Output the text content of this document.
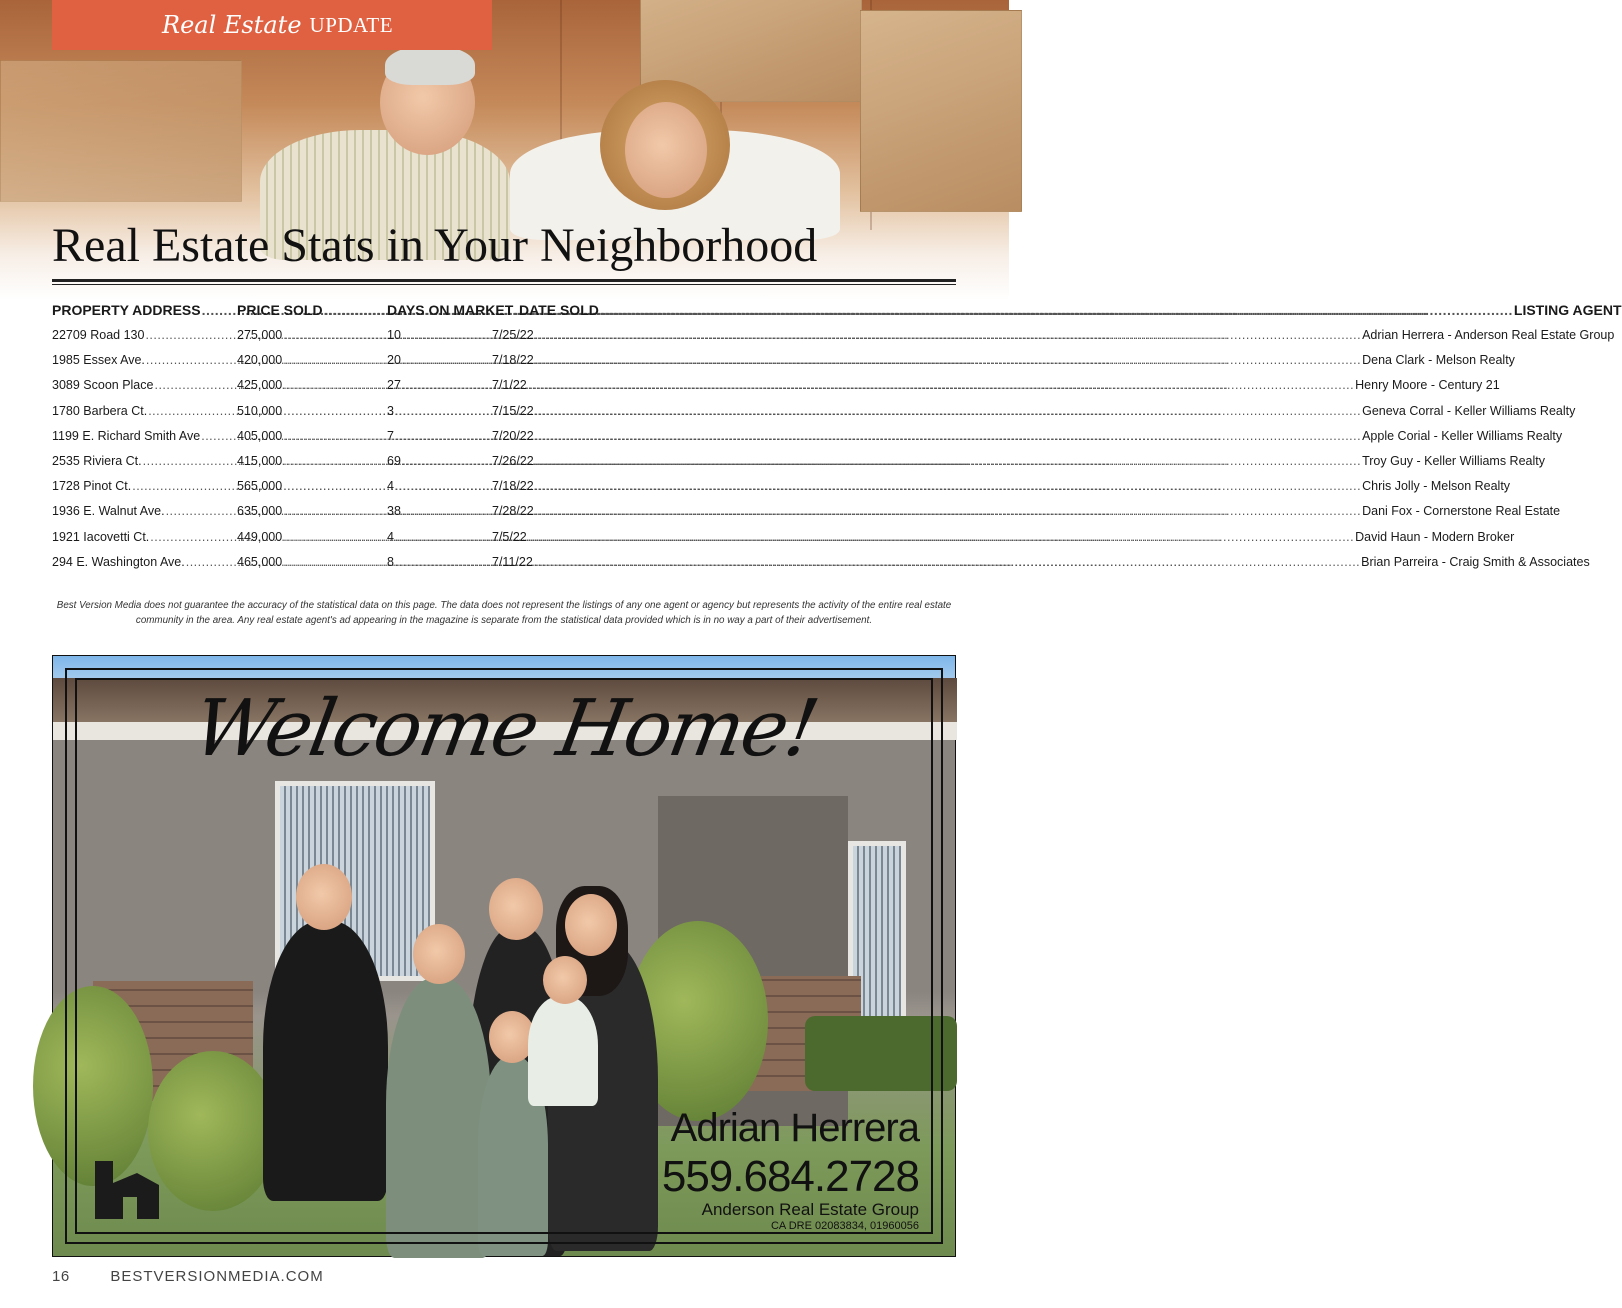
Real Estate UPDATE
Real Estate Stats in Your Neighborhood
PROPERTY ADDRESS .....	PRICE SOLD .....	DAYS ON MARKET ..... DATE SOLD .....	LISTING AGENT
22709 Road 130 .....	275,000 .....	10 .....	7/25/22 .....	Adrian Herrera - Anderson Real Estate Group
1985 Essex Ave. .....	420,000 .....	20 .....	7/18/22 .....	Dena Clark - Melson Realty
3089 Scoon Place .....	425,000 .....	27 .....	7/1/22 .....	Henry Moore - Century 21
1780 Barbera Ct. .....	510,000 .....	3 .....	7/15/22 .....	Geneva Corral - Keller Williams Realty
1199 E. Richard Smith Ave .....	405,000 .....	7 .....	7/20/22 .....	Apple Corial - Keller Williams Realty
2535 Riviera Ct. .....	415,000 .....	69 .....	7/26/22 .....	Troy Guy - Keller Williams Realty
1728 Pinot Ct. .....	565,000 .....	4 .....	7/18/22 .....	Chris Jolly - Melson Realty
1936 E. Walnut Ave. .....	635,000 .....	38 .....	7/28/22 .....	Dani Fox - Cornerstone Real Estate
1921 Iacovetti Ct. .....	449,000 .....	4 .....	7/5/22 .....	David Haun - Modern Broker
294 E. Washington Ave. .....	465,000 .....	8 .....	7/11/22 .....	Brian Parreira - Craig Smith & Associates
Best Version Media does not guarantee the accuracy of the statistical data on this page. The data does not represent the listings of any one agent or agency but represents the activity of the entire real estate community in the area. Any real estate agent's ad appearing in the magazine is separate from the statistical data provided which is in no way a part of their advertisement.
Welcome Home!
Adrian Herrera
559.684.2728
Anderson Real Estate Group
CA DRE 02083834, 01960056
16	BESTVERSIONMEDIA.COM
